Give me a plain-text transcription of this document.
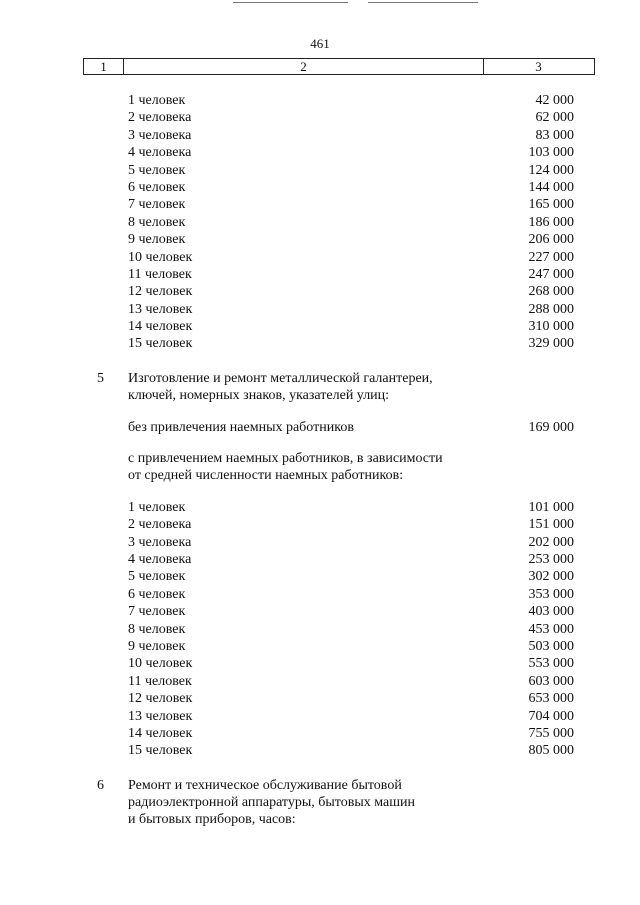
461
1	2	3
1 человек	42 000
2 человека	62 000
3 человека	83 000
4 человека	103 000
5 человек	124 000
6 человек	144 000
7 человек	165 000
8 человек	186 000
9 человек	206 000
10 человек	227 000
11 человек	247 000
12 человек	268 000
13 человек	288 000
14 человек	310 000
15 человек	329 000
5 Изготовление и ремонт металлической галантереи,
ключей, номерных знаков, указателей улиц:
без привлечения наемных работников	169 000
с привлечением наемных работников, в зависимости
от средней численности наемных работников:
1 человек	101 000
2 человека	151 000
3 человека	202 000
4 человека	253 000
5 человек	302 000
6 человек	353 000
7 человек	403 000
8 человек	453 000
9 человек	503 000
10 человек	553 000
11 человек	603 000
12 человек	653 000
13 человек	704 000
14 человек	755 000
15 человек	805 000
6 Ремонт и техническое обслуживание бытовой
радиоэлектронной аппаратуры, бытовых машин
и бытовых приборов, часов:
